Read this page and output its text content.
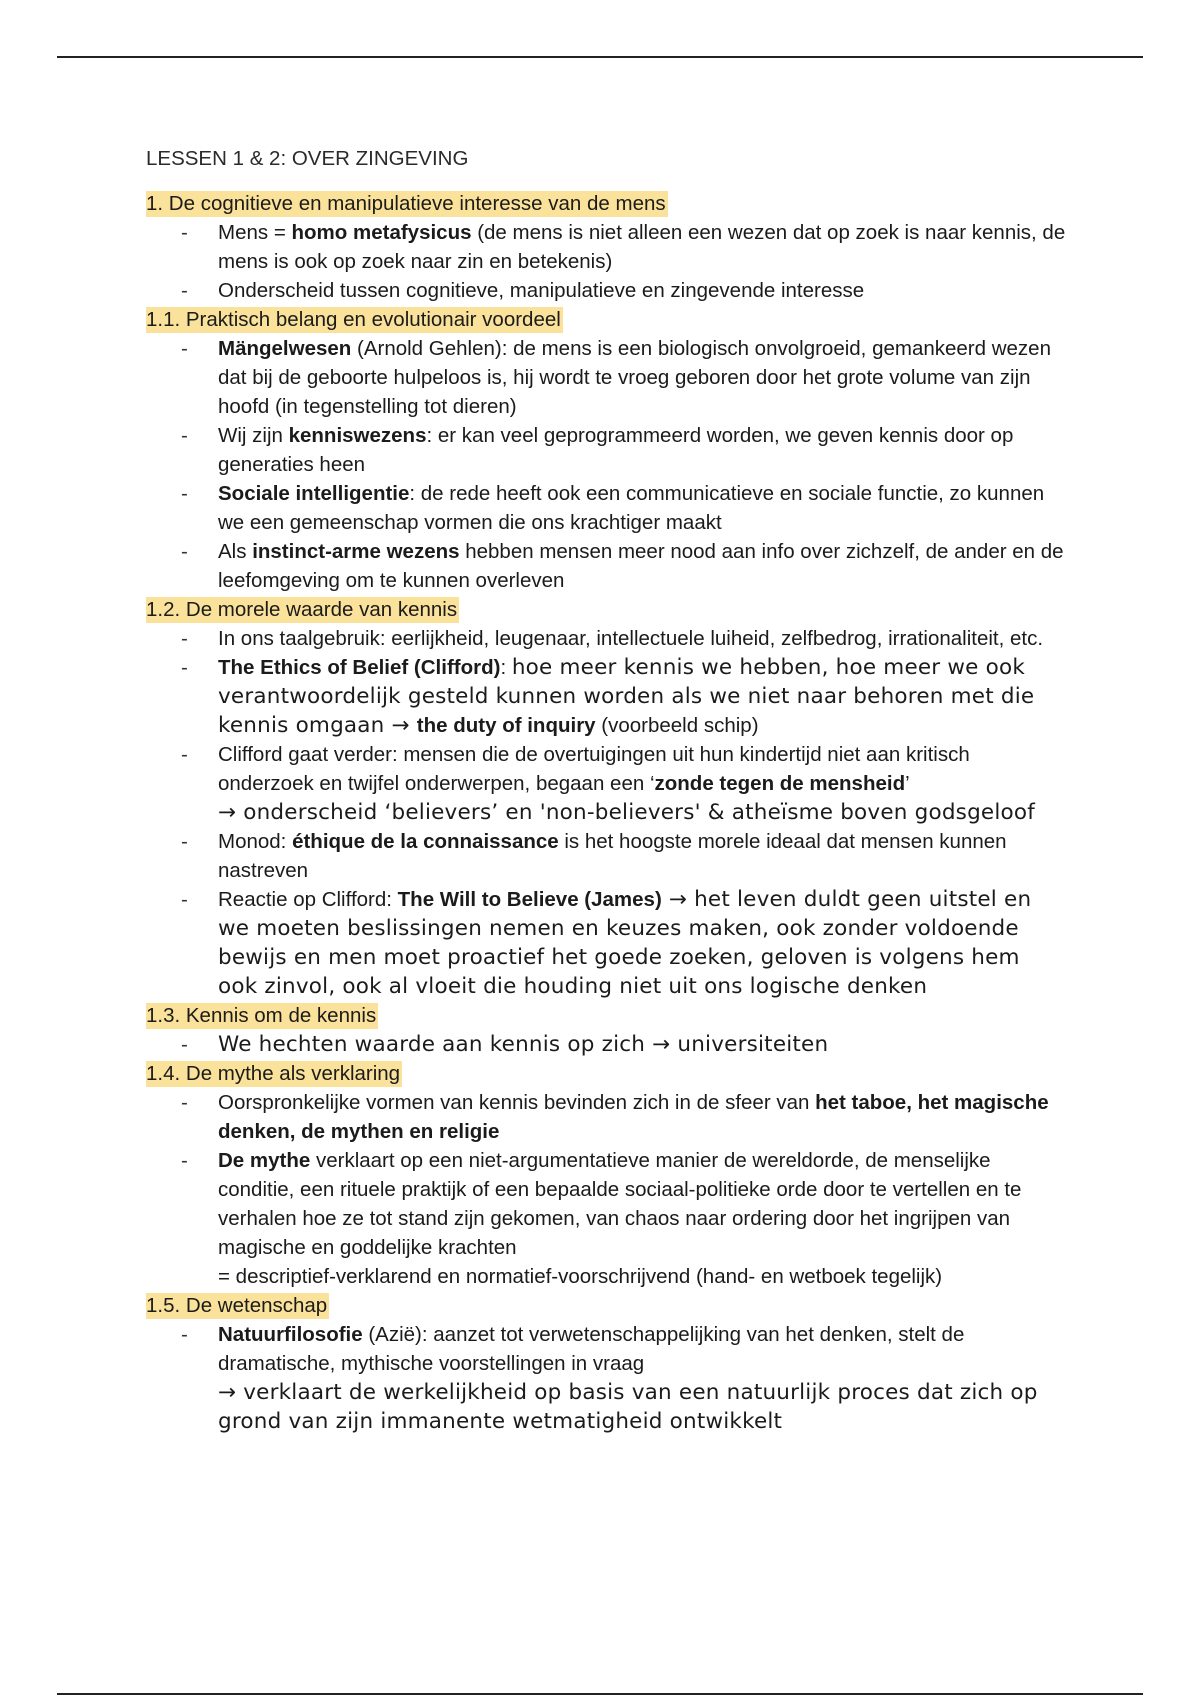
LESSEN 1 & 2: OVER ZINGEVING
1. De cognitieve en manipulatieve interesse van de mens
- Mens = homo metafysicus (de mens is niet alleen een wezen dat op zoek is naar kennis, de mens is ook op zoek naar zin en betekenis)
- Onderscheid tussen cognitieve, manipulatieve en zingevende interesse
1.1. Praktisch belang en evolutionair voordeel
- Mängelwesen (Arnold Gehlen): de mens is een biologisch onvolgroeid, gemankeerd wezen dat bij de geboorte hulpeloos is, hij wordt te vroeg geboren door het grote volume van zijn hoofd (in tegenstelling tot dieren)
- Wij zijn kenniswezens: er kan veel geprogrammeerd worden, we geven kennis door op generaties heen
- Sociale intelligentie: de rede heeft ook een communicatieve en sociale functie, zo kunnen we een gemeenschap vormen die ons krachtiger maakt
- Als instinct-arme wezens hebben mensen meer nood aan info over zichzelf, de ander en de leefomgeving om te kunnen overleven
1.2. De morele waarde van kennis
- In ons taalgebruik: eerlijkheid, leugenaar, intellectuele luiheid, zelfbedrog, irrationaliteit, etc.
- The Ethics of Belief (Clifford): hoe meer kennis we hebben, hoe meer we ook verantwoordelijk gesteld kunnen worden als we niet naar behoren met die kennis omgaan → the duty of inquiry (voorbeeld schip)
- Clifford gaat verder: mensen die de overtuigingen uit hun kindertijd niet aan kritisch onderzoek en twijfel onderwerpen, begaan een ‘zonde tegen de mensheid’
→ onderscheid ‘believers’ en 'non-believers' & atheïsme boven godsgeloof
- Monod: éthique de la connaissance is het hoogste morele ideaal dat mensen kunnen nastreven
- Reactie op Clifford: The Will to Believe (James) → het leven duldt geen uitstel en we moeten beslissingen nemen en keuzes maken, ook zonder voldoende bewijs en men moet proactief het goede zoeken, geloven is volgens hem ook zinvol, ook al vloeit die houding niet uit ons logische denken
1.3. Kennis om de kennis
- We hechten waarde aan kennis op zich → universiteiten
1.4. De mythe als verklaring
- Oorspronkelijke vormen van kennis bevinden zich in de sfeer van het taboe, het magische denken, de mythen en religie
- De mythe verklaart op een niet-argumentatieve manier de wereldorde, de menselijke conditie, een rituele praktijk of een bepaalde sociaal-politieke orde door te vertellen en te verhalen hoe ze tot stand zijn gekomen, van chaos naar ordering door het ingrijpen van magische en goddelijke krachten
= descriptief-verklarend en normatief-voorschrijvend (hand- en wetboek tegelijk)
1.5. De wetenschap
- Natuurfilosofie (Azië): aanzet tot verwetenschappelijking van het denken, stelt de dramatische, mythische voorstellingen in vraag
→ verklaart de werkelijkheid op basis van een natuurlijk proces dat zich op grond van zijn immanente wetmatigheid ontwikkelt
